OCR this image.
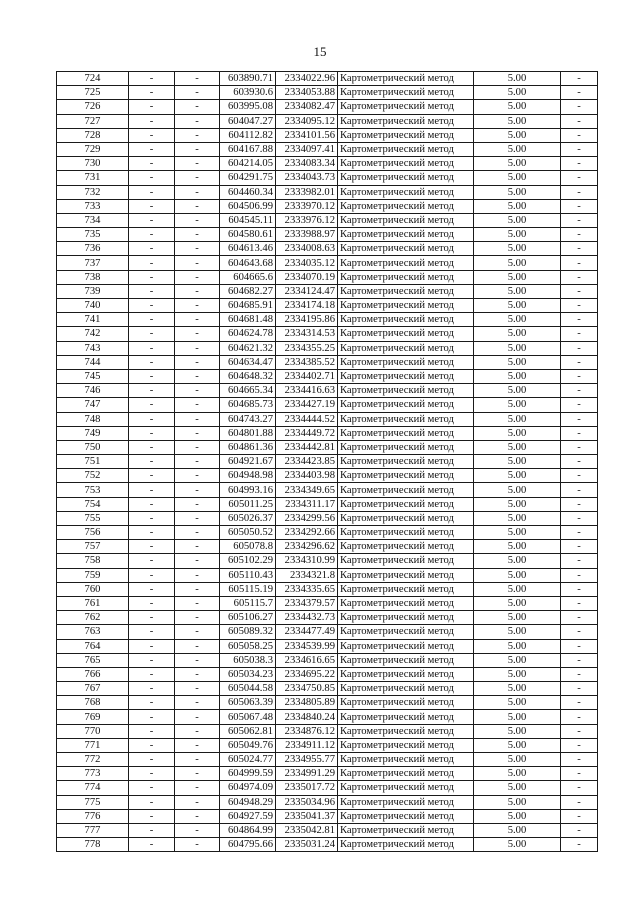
15
724	-	-	603890.71	2334022.96	Картометрический метод	5.00	-
725	-	-	603930.6	2334053.88	Картометрический метод	5.00	-
726	-	-	603995.08	2334082.47	Картометрический метод	5.00	-
727	-	-	604047.27	2334095.12	Картометрический метод	5.00	-
728	-	-	604112.82	2334101.56	Картометрический метод	5.00	-
729	-	-	604167.88	2334097.41	Картометрический метод	5.00	-
730	-	-	604214.05	2334083.34	Картометрический метод	5.00	-
731	-	-	604291.75	2334043.73	Картометрический метод	5.00	-
732	-	-	604460.34	2333982.01	Картометрический метод	5.00	-
733	-	-	604506.99	2333970.12	Картометрический метод	5.00	-
734	-	-	604545.11	2333976.12	Картометрический метод	5.00	-
735	-	-	604580.61	2333988.97	Картометрический метод	5.00	-
736	-	-	604613.46	2334008.63	Картометрический метод	5.00	-
737	-	-	604643.68	2334035.12	Картометрический метод	5.00	-
738	-	-	604665.6	2334070.19	Картометрический метод	5.00	-
739	-	-	604682.27	2334124.47	Картометрический метод	5.00	-
740	-	-	604685.91	2334174.18	Картометрический метод	5.00	-
741	-	-	604681.48	2334195.86	Картометрический метод	5.00	-
742	-	-	604624.78	2334314.53	Картометрический метод	5.00	-
743	-	-	604621.32	2334355.25	Картометрический метод	5.00	-
744	-	-	604634.47	2334385.52	Картометрический метод	5.00	-
745	-	-	604648.32	2334402.71	Картометрический метод	5.00	-
746	-	-	604665.34	2334416.63	Картометрический метод	5.00	-
747	-	-	604685.73	2334427.19	Картометрический метод	5.00	-
748	-	-	604743.27	2334444.52	Картометрический метод	5.00	-
749	-	-	604801.88	2334449.72	Картометрический метод	5.00	-
750	-	-	604861.36	2334442.81	Картометрический метод	5.00	-
751	-	-	604921.67	2334423.85	Картометрический метод	5.00	-
752	-	-	604948.98	2334403.98	Картометрический метод	5.00	-
753	-	-	604993.16	2334349.65	Картометрический метод	5.00	-
754	-	-	605011.25	2334311.17	Картометрический метод	5.00	-
755	-	-	605026.37	2334299.56	Картометрический метод	5.00	-
756	-	-	605050.52	2334292.66	Картометрический метод	5.00	-
757	-	-	605078.8	2334296.62	Картометрический метод	5.00	-
758	-	-	605102.29	2334310.99	Картометрический метод	5.00	-
759	-	-	605110.43	2334321.8	Картометрический метод	5.00	-
760	-	-	605115.19	2334335.65	Картометрический метод	5.00	-
761	-	-	605115.7	2334379.57	Картометрический метод	5.00	-
762	-	-	605106.27	2334432.73	Картометрический метод	5.00	-
763	-	-	605089.32	2334477.49	Картометрический метод	5.00	-
764	-	-	605058.25	2334539.99	Картометрический метод	5.00	-
765	-	-	605038.3	2334616.65	Картометрический метод	5.00	-
766	-	-	605034.23	2334695.22	Картометрический метод	5.00	-
767	-	-	605044.58	2334750.85	Картометрический метод	5.00	-
768	-	-	605063.39	2334805.89	Картометрический метод	5.00	-
769	-	-	605067.48	2334840.24	Картометрический метод	5.00	-
770	-	-	605062.81	2334876.12	Картометрический метод	5.00	-
771	-	-	605049.76	2334911.12	Картометрический метод	5.00	-
772	-	-	605024.77	2334955.77	Картометрический метод	5.00	-
773	-	-	604999.59	2334991.29	Картометрический метод	5.00	-
774	-	-	604974.09	2335017.72	Картометрический метод	5.00	-
775	-	-	604948.29	2335034.96	Картометрический метод	5.00	-
776	-	-	604927.59	2335041.37	Картометрический метод	5.00	-
777	-	-	604864.99	2335042.81	Картометрический метод	5.00	-
778	-	-	604795.66	2335031.24	Картометрический метод	5.00	-
